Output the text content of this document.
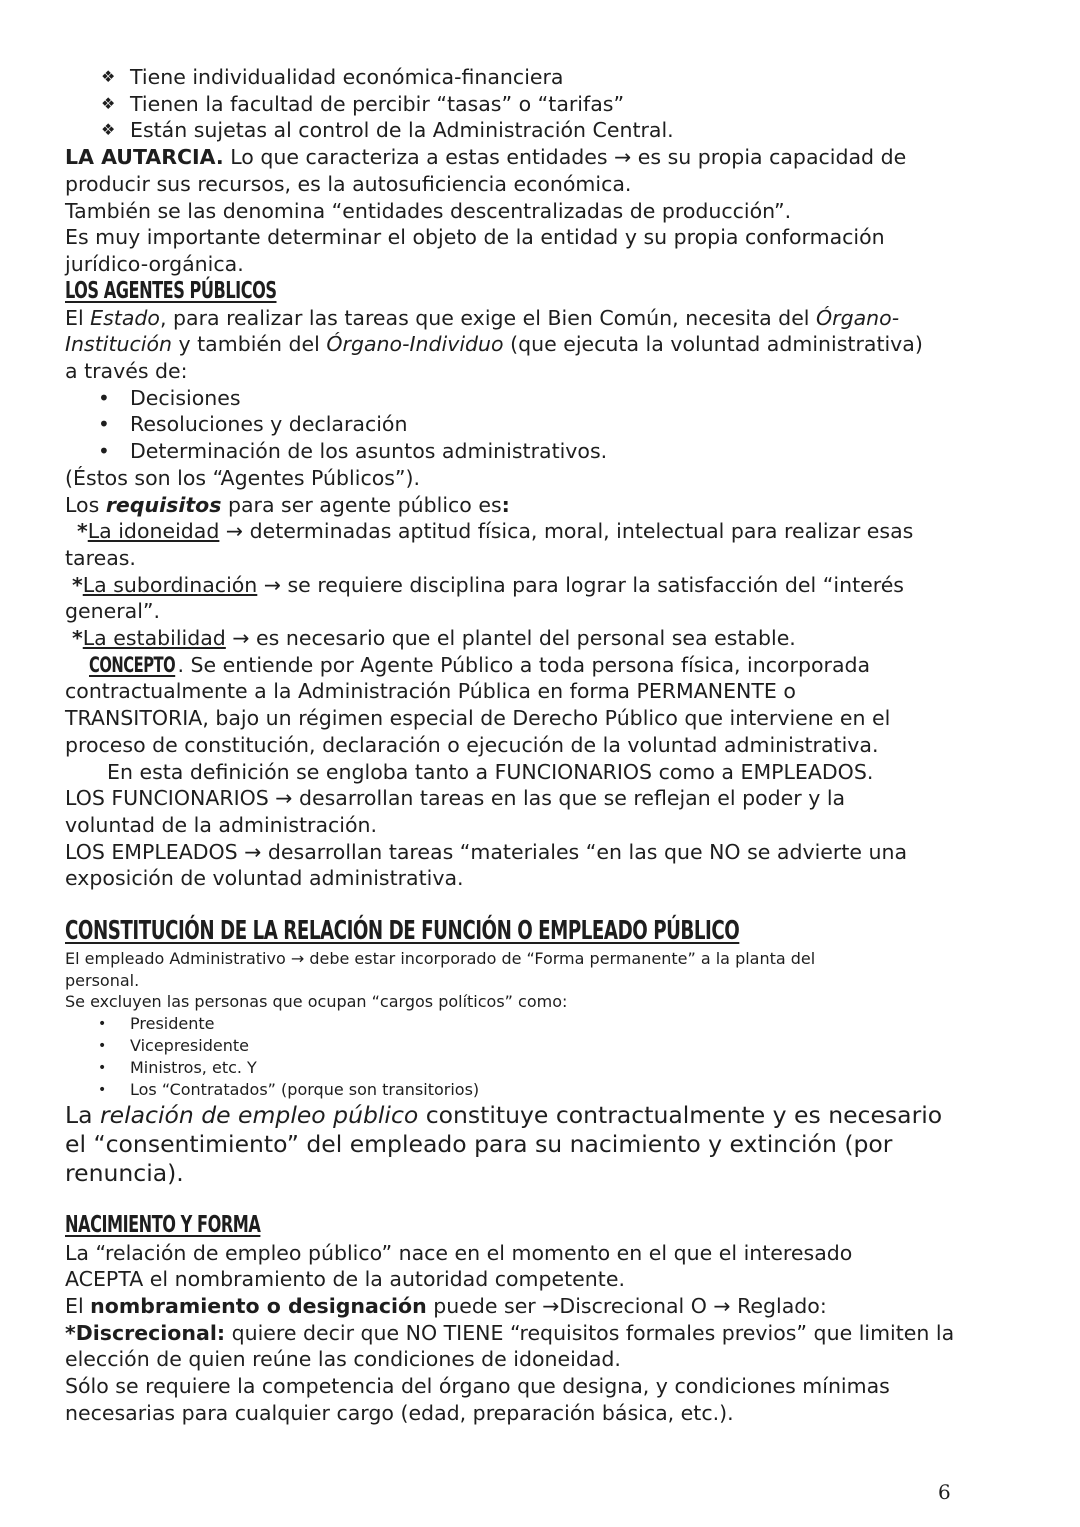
❖ Tiene individualidad económica-financiera
❖ Tienen la facultad de percibir “tasas” o “tarifas”
❖ Están sujetas al control de la Administración Central.

LA AUTARCIA. Lo que caracteriza a estas entidades → es su propia capacidad de

producir sus recursos, es la autosuficiencia económica.

También se las denomina “entidades descentralizadas de producción”.

Es muy importante determinar el objeto de la entidad y su propia conformación

jurídico-orgánica.

LOS AGENTES PÚBLICOS

El Estado, para realizar las tareas que exige el Bien Común, necesita del Órgano-

Institución y también del Órgano-Individuo (que ejecuta la voluntad administrativa)

a través de:

• Decisiones
• Resoluciones y declaración
• Determinación de los asuntos administrativos.

(Éstos son los “Agentes Públicos”).

Los requisitos para ser agente público es:

*La idoneidad → determinadas aptitud física, moral, intelectual para realizar esas

tareas.

*La subordinación → se requiere disciplina para lograr la satisfacción del “interés

general”.

*La estabilidad → es necesario que el plantel del personal sea estable.

CONCEPTO . Se entiende por Agente Público a toda persona física, incorporada

contractualmente a la Administración Pública en forma PERMANENTE o

TRANSITORIA, bajo un régimen especial de Derecho Público que interviene en el

proceso de constitución, declaración o ejecución de la voluntad administrativa.

En esta definición se engloba tanto a FUNCIONARIOS como a EMPLEADOS.

LOS FUNCIONARIOS → desarrollan tareas en las que se reflejan el poder y la

voluntad de la administración.

LOS EMPLEADOS → desarrollan tareas “materiales “en las que NO se advierte una

exposición de voluntad administrativa.

CONSTITUCIÓN DE LA RELACIÓN DE FUNCIÓN O EMPLEADO PÚBLICO

El empleado Administrativo → debe estar incorporado de “Forma permanente” a la planta del

personal.

Se excluyen las personas que ocupan “cargos políticos” como:

• Presidente
• Vicepresidente
• Ministros, etc. Y
• Los “Contratados” (porque son transitorios)

La relación de empleo público constituye contractualmente y es necesario

el “consentimiento” del empleado para su nacimiento y extinción (por

renuncia).

NACIMIENTO Y FORMA

La “relación de empleo público” nace en el momento en el que el interesado

ACEPTA el nombramiento de la autoridad competente.

El nombramiento o designación puede ser →Discrecional O → Reglado:

*Discrecional: quiere decir que NO TIENE “requisitos formales previos” que limiten la

elección de quien reúne las condiciones de idoneidad.

Sólo se requiere la competencia del órgano que designa, y condiciones mínimas

necesarias para cualquier cargo (edad, preparación básica, etc.).

6
